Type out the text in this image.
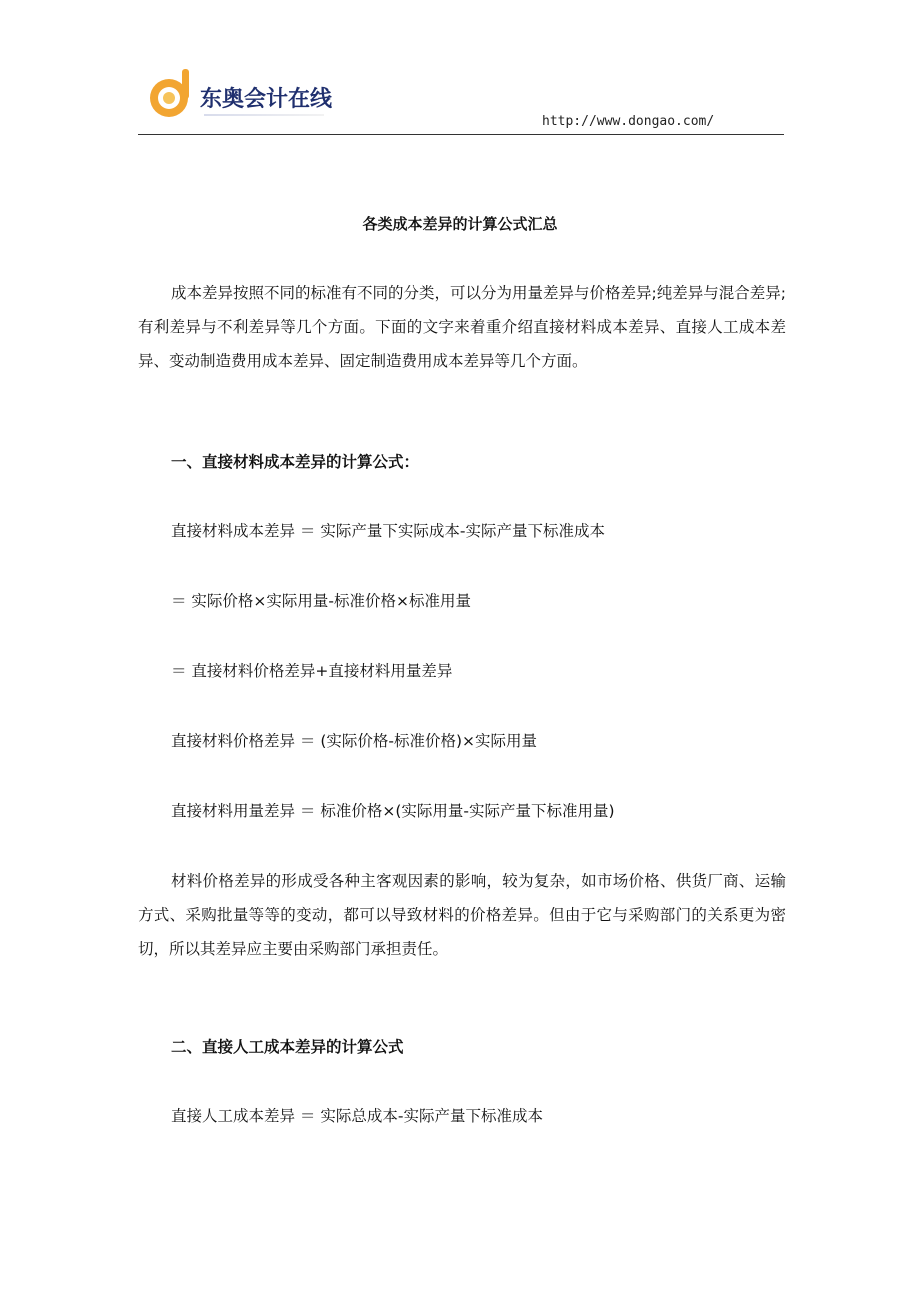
东奥会计在线
http://www.dongao.com/
各类成本差异的计算公式汇总

成本差异按照不同的标准有不同的分类，可以分为用量差异与价格差异;纯差异与混合差异;有利差异与不利差异等几个方面。下面的文字来着重介绍直接材料成本差异、直接人工成本差异、变动制造费用成本差异、固定制造费用成本差异等几个方面。

一、直接材料成本差异的计算公式：
直接材料成本差异 ＝ 实际产量下实际成本-实际产量下标准成本
＝ 实际价格×实际用量-标准价格×标准用量
＝ 直接材料价格差异+直接材料用量差异
直接材料价格差异 ＝ (实际价格-标准价格)×实际用量
直接材料用量差异 ＝ 标准价格×(实际用量-实际产量下标准用量)

材料价格差异的形成受各种主客观因素的影响，较为复杂，如市场价格、供货厂商、运输方式、采购批量等等的变动，都可以导致材料的价格差异。但由于它与采购部门的关系更为密切，所以其差异应主要由采购部门承担责任。

二、直接人工成本差异的计算公式
直接人工成本差异 ＝ 实际总成本-实际产量下标准成本
